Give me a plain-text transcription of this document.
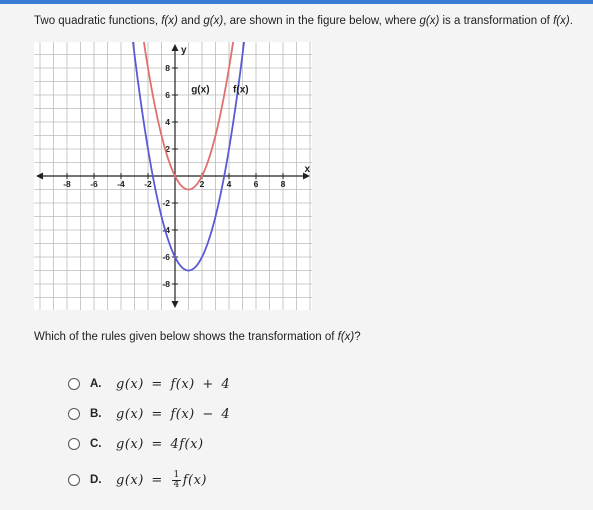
Two quadratic functions, f(x) and g(x), are shown in the figure below, where g(x) is a transformation of f(x).
-8 -6 -4 -2	2	4	6	8
8
6
4
2
-2
-4
-6
-8
x
y
g(x) f(x)
Which of the rules given below shows the transformation of f(x)?
A.	g(x) = f(x) + 4
B.	g(x) = f(x) − 4
C.	g(x) = 4f(x)
D.	$g(x) = \frac{1}{4} f(x)$
